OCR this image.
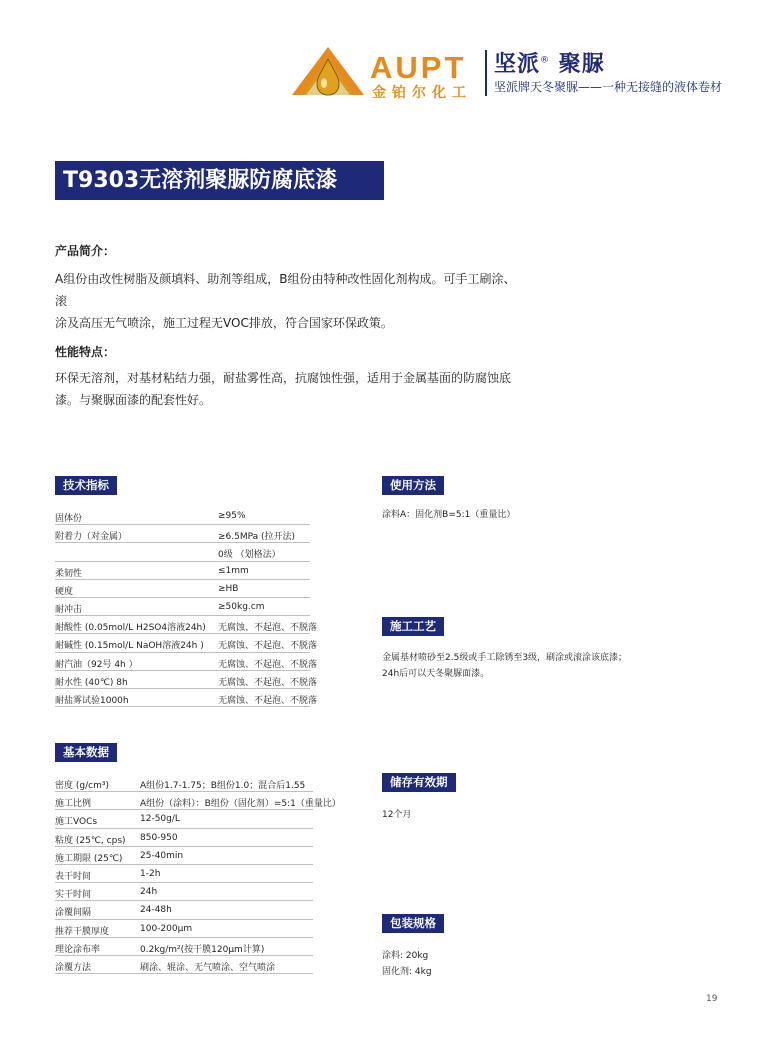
AUPT
金铂尔化工
坚派® 聚脲
坚派牌天冬聚脲——一种无接缝的液体卷材
T9303无溶剂聚脲防腐底漆
产品简介：
A组份由改性树脂及颜填料、助剂等组成，B组份由特种改性固化剂构成。可手工刷涂、滚
涂及高压无气喷涂，施工过程无VOC排放，符合国家环保政策。
性能特点：
环保无溶剂，对基材粘结力强，耐盐雾性高，抗腐蚀性强，适用于金属基面的防腐蚀底
漆。与聚脲面漆的配套性好。
技术指标
固体份	≥95%
附着力（对金属）	≥6.5MPa (拉开法)
0级 （划格法）
柔韧性	≤1mm
硬度	≥HB
耐冲击	≥50kg.cm
耐酸性 (0.05mol/L H2SO4溶液24h) 无腐蚀、不起泡、不脱落
耐碱性 (0.15mol/L NaOH溶液24h ) 无腐蚀、不起泡、不脱落
耐汽油（92号 4h ）	无腐蚀、不起泡、不脱落
耐水性 (40℃) 8h	无腐蚀、不起泡、不脱落
耐盐雾试验1000h	无腐蚀、不起泡、不脱落
基本数据
密度 (g/cm³)	A组份1.7-1.75；B组份1.0；混合后1.55
施工比例	A组份（涂料）：B组份（固化剂）=5:1（重量比）
施工VOCs	12-50g/L
粘度 (25℃, cps) 850-950
施工期限 (25℃) 25-40min
表干时间	1-2h
实干时间	24h
涂覆间隔	24-48h
推荐干膜厚度	100-200μm
理论涂布率	0.2kg/m²(按干膜120μm计算)
涂覆方法	刷涂、辊涂、无气喷涂、空气喷涂
使用方法
涂料A：固化剂B=5:1（重量比）
施工工艺
金属基材喷砂至2.5级或手工除锈至3级，刷涂或滚涂该底漆；
24h后可以天冬聚脲面漆。
储存有效期
12个月
包装规格
涂料: 20kg
固化剂: 4kg
19
